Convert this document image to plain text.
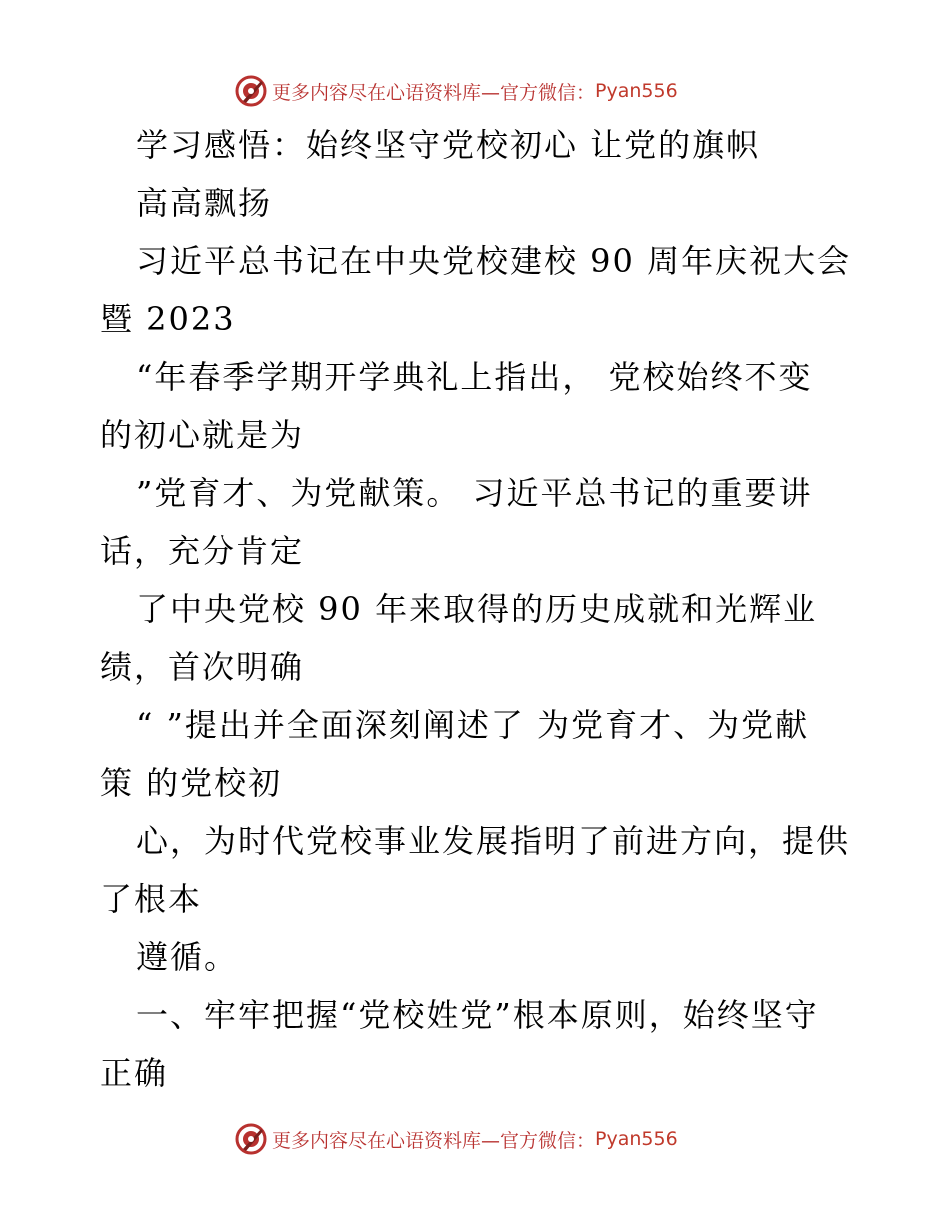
更多内容尽在心语资料库—官方微信： Pyan556
学习感悟：始终坚守党校初心 让党的旗帜
高高飘扬
习近平总书记在中央党校建校 90 周年庆祝大会
暨 2023
“年春季学期开学典礼上指出， 党校始终不变
的初心就是为
”党育才、为党献策。 习近平总书记的重要讲
话，充分肯定
了中央党校 90 年来取得的历史成就和光辉业
绩，首次明确
“ ”提出并全面深刻阐述了 为党育才、为党献
策 的党校初
心，为时代党校事业发展指明了前进方向，提供
了根本
遵循。
一、牢牢把握“党校姓党”根本原则，始终坚守
正确
更多内容尽在心语资料库—官方微信： Pyan556
